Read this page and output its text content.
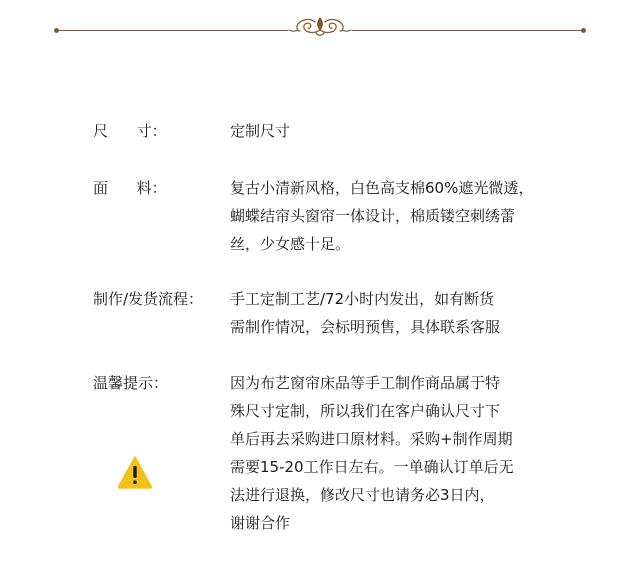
尺      寸：	定制尺寸
面      料：	复古小清新风格，白色高支棉60%遮光微透，
蝴蝶结帘头窗帘一体设计，棉质镂空刺绣蕾
丝，少女感十足。
制作/发货流程： 手工定制工艺/72小时内发出，如有断货
需制作情况，会标明预售，具体联系客服
温馨提示：	因为布艺窗帘床品等手工制作商品属于特
殊尺寸定制，所以我们在客户确认尺寸下
单后再去采购进口原材料。采购+制作周期
需要15-20工作日左右。一单确认订单后无
法进行退换，修改尺寸也请务必3日内，
谢谢合作
